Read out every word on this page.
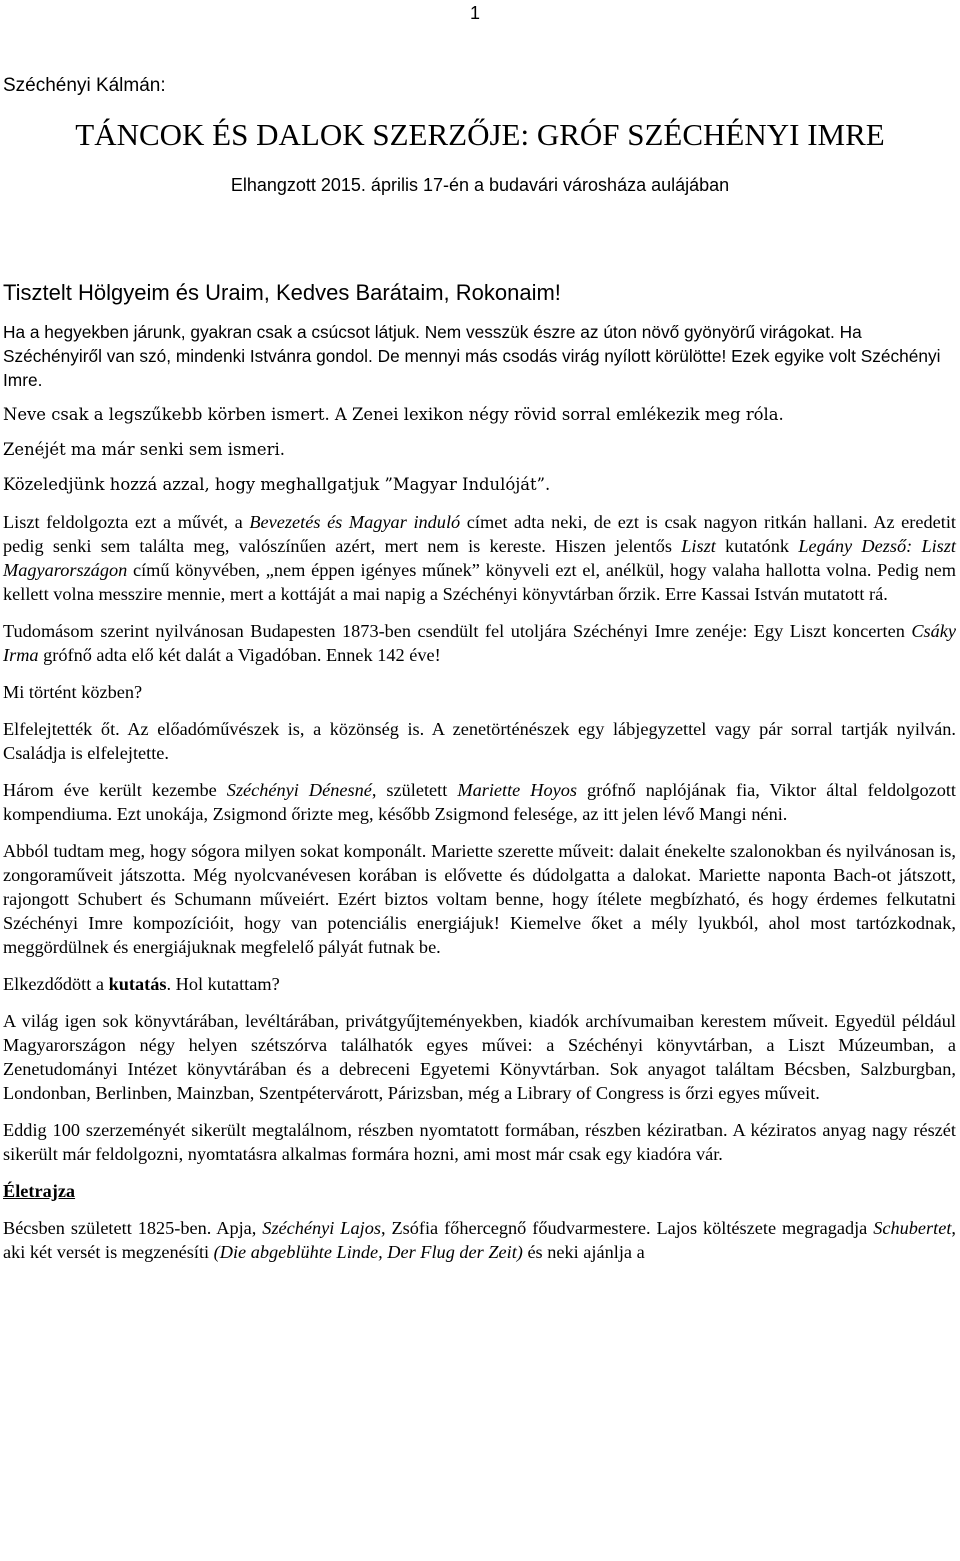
1
Széchényi Kálmán:
TÁNCOK ÉS DALOK SZERZŐJE: GRÓF SZÉCHÉNYI IMRE
Elhangzott 2015. április 17-én a budavári városháza aulájában
Tisztelt Hölgyeim és Uraim, Kedves Barátaim, Rokonaim!

Ha a hegyekben járunk, gyakran csak a csúcsot látjuk. Nem vesszük észre az úton növő gyönyörű virágokat. Ha Széchényiről van szó, mindenki Istvánra gondol. De mennyi más csodás virág nyílott körülötte! Ezek egyike volt Széchényi Imre.

Neve csak a legszűkebb körben ismert. A Zenei lexikon négy rövid sorral emlékezik meg róla.

Zenéjét ma már senki sem ismeri.

Közeledjünk hozzá azzal, hogy meghallgatjuk ”Magyar Indulóját”.

Liszt feldolgozta ezt a művét, a Bevezetés és Magyar induló címet adta neki, de ezt is csak nagyon ritkán hallani. Az eredetit pedig senki sem találta meg, valószínűen azért, mert nem is kereste. Hiszen jelentős Liszt kutatónk Legány Dezső: Liszt Magyarországon című könyvében, „nem éppen igényes műnek” könyveli ezt el, anélkül, hogy valaha hallotta volna. Pedig nem kellett volna messzire mennie, mert a kottáját a mai napig a Széchényi könyvtárban őrzik. Erre Kassai István mutatott rá.

Tudomásom szerint nyilvánosan Budapesten 1873-ben csendült fel utoljára Széchényi Imre zenéje: Egy Liszt koncerten Csáky Irma grófnő adta elő két dalát a Vigadóban. Ennek 142 éve!

Mi történt közben?

Elfelejtették őt. Az előadóművészek is, a közönség is. A zenetörténészek egy lábjegyzettel vagy pár sorral tartják nyilván. Családja is elfelejtette.

Három éve került kezembe Széchényi Dénesné, született Mariette Hoyos grófnő naplójának fia, Viktor által feldolgozott kompendiuma. Ezt unokája, Zsigmond őrizte meg, később Zsigmond felesége, az itt jelen lévő Mangi néni.

Abból tudtam meg, hogy sógora milyen sokat komponált. Mariette szerette műveit: dalait énekelte szalonokban és nyilvánosan is, zongoraműveit játszotta. Még nyolcvanévesen korában is elővette és dúdolgatta a dalokat. Mariette naponta Bach-ot játszott, rajongott Schubert és Schumann műveiért. Ezért biztos voltam benne, hogy ítélete megbízható, és hogy érdemes felkutatni Széchényi Imre kompozícióit, hogy van potenciális energiájuk! Kiemelve őket a mély lyukból, ahol most tartózkodnak, meggördülnek és energiájuknak megfelelő pályát futnak be.

Elkezdődött a kutatás. Hol kutattam?

A világ igen sok könyvtárában, levéltárában, privátgyűjteményekben, kiadók archívumaiban kerestem műveit. Egyedül például Magyarországon négy helyen szétszórva találhatók egyes művei: a Széchényi könyvtárban, a Liszt Múzeumban, a Zenetudományi Intézet könyvtárában és a debreceni Egyetemi Könyvtárban. Sok anyagot találtam Bécsben, Salzburgban, Londonban, Berlinben, Mainzban, Szentpétervárott, Párizsban, még a Library of Congress is őrzi egyes műveit.

Eddig 100 szerzeményét sikerült megtalálnom, részben nyomtatott formában, részben kéziratban. A kéziratos anyag nagy részét sikerült már feldolgozni, nyomtatásra alkalmas formára hozni, ami most már csak egy kiadóra vár.

Életrajza

Bécsben született 1825-ben. Apja, Széchényi Lajos, Zsófia főhercegnő főudvarmestere. Lajos költészete megragadja Schubertet, aki két versét is megzenésíti (Die abgeblühte Linde, Der Flug der Zeit) és neki ajánlja a
